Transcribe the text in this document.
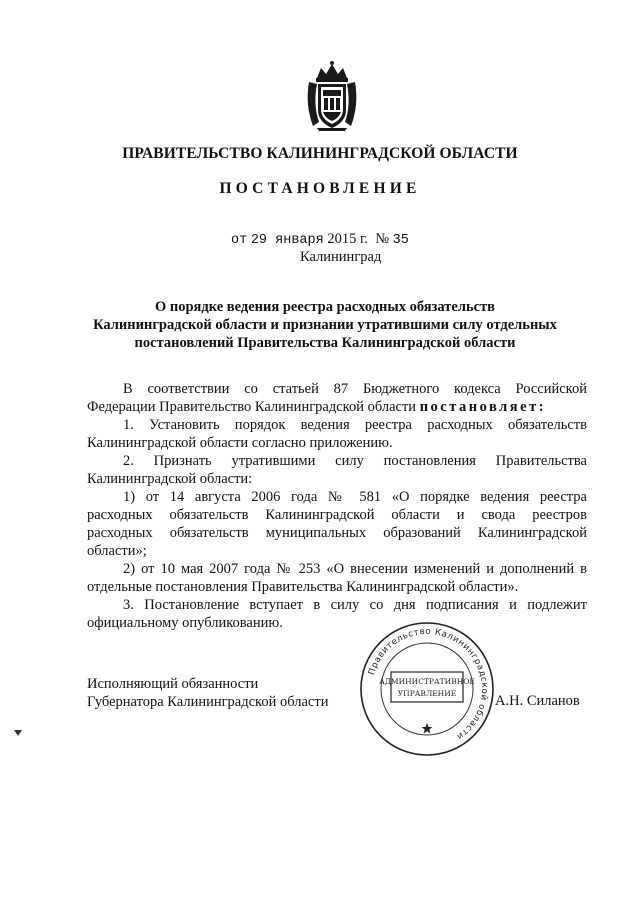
ПРАВИТЕЛЬСТВО КАЛИНИНГРАДСКОЙ ОБЛАСТИ
ПОСТАНОВЛЕНИЕ
от 29 января 2015 г. № 35
Калининград
О порядке ведения реестра расходных обязательств
Калининградской области и признании утратившими силу отдельных
постановлений Правительства Калининградской области
В соответствии со статьей 87 Бюджетного кодекса Российской
Федерации Правительство Калининградской области постановляет:
1. Установить порядок ведения реестра расходных обязательств
Калининградской области согласно приложению.
2. Признать утратившими силу постановления Правительства
Калининградской области:
1) от 14 августа 2006 года № 581 «О порядке ведения реестра
расходных обязательств Калининградской области и свода реестров
расходных обязательств муниципальных образований Калининградской
области»;
2) от 10 мая 2007 года № 253 «О внесении изменений и дополнений в
отдельные постановления Правительства Калининградской области».
3. Постановление вступает в силу со дня подписания и подлежит
официальному опубликованию.
Исполняющий обязанности
Губернатора Калининградской области	А.Н. Силанов
Правительство Калининградской области
АДМИНИСТРАТИВНОЕ
УПРАВЛЕНИЕ
